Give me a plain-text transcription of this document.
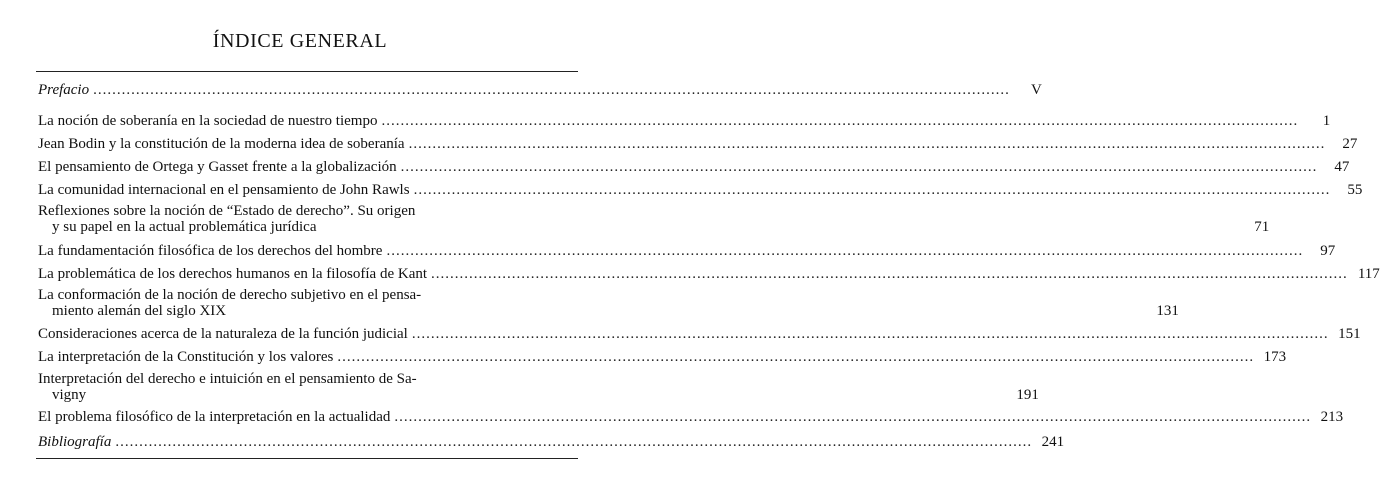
ÍNDICE GENERAL
Prefacio .....	V
La noción de soberanía en la sociedad de nuestro tiempo .....	1
Jean Bodin y la constitución de la moderna idea de soberanía .....	27
El pensamiento de Ortega y Gasset frente a la globalización .....	47
La comunidad internacional en el pensamiento de John Rawls .....	55
Reflexiones sobre la noción de “Estado de derecho”. Su origen
y su papel en la actual problemática jurídica	71
La fundamentación filosófica de los derechos del hombre .....	97
La problemática de los derechos humanos en la filosofía de Kant .....	117
La conformación de la noción de derecho subjetivo en el pensa-
miento alemán del siglo XIX	131
Consideraciones acerca de la naturaleza de la función judicial .....	151
La interpretación de la Constitución y los valores .....	173
Interpretación del derecho e intuición en el pensamiento de Sa-
vigny	191
El problema filosófico de la interpretación en la actualidad .....	213
Bibliografía .....	241
